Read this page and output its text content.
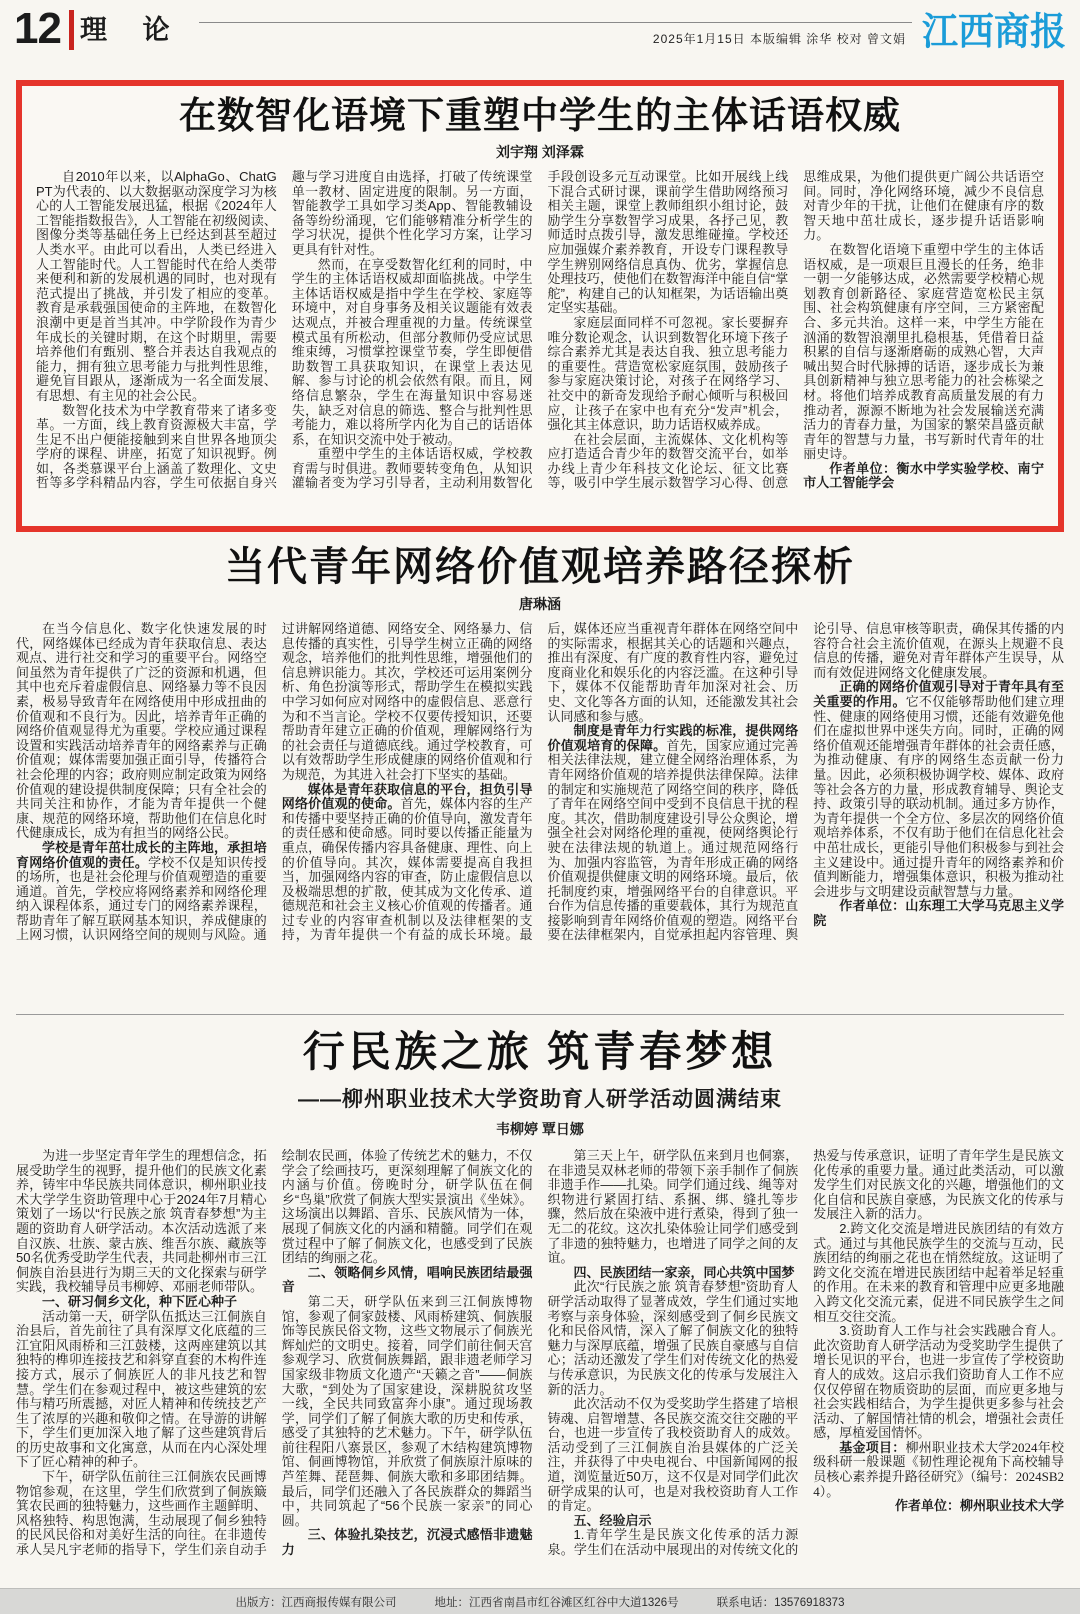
12 理 论	2025年1月15日 本版编辑 涂华 校对 曾文娟 江西商报
在数智化语境下重塑中学生的主体话语权威
刘宇翔 刘泽霖

自2010年以来，以AlphaGo、ChatGPT为代表的、以大数据驱动深度学习为核心的人工智能发展迅猛，根据《2024年人工智能指数报告》，人工智能在初级阅读、图像分类等基础任务上已经达到甚至超过人类水平。由此可以看出，人类已经进入人工智能时代。人工智能时代在给人类带来便利和新的发展机遇的同时，也对现有范式提出了挑战，并引发了相应的变革。教育是承载强国使命的主阵地，在数智化浪潮中更是首当其冲。中学阶段作为青少年成长的关键时期，在这个时期里，需要培养他们有甄别、整合并表达自我观点的能力，拥有独立思考能力与批判性思维，避免盲目跟从，逐渐成为一名全面发展、有思想、有主见的社会公民。

数智化技术为中学教育带来了诸多变革。一方面，线上教育资源极大丰富，学生足不出户便能接触到来自世界各地顶尖学府的课程、讲座，拓宽了知识视野。例如，各类慕课平台上涵盖了数理化、文史哲等多学科精品内容，学生可依据自身兴趣与学习进度自由选择，打破了传统课堂单一教材、固定进度的限制。另一方面，智能教学工具如学习类App、智能教辅设备等纷纷涌现，它们能够精准分析学生的学习状况，提供个性化学习方案，让学习更具有针对性。

然而，在享受数智化红利的同时，中学生的主体话语权威却面临挑战。中学生主体话语权威是指中学生在学校、家庭等环境中，对自身事务及相关议题能有效表达观点，并被合理重视的力量。传统课堂模式虽有所松动，但部分教师仍受应试思维束缚，习惯掌控课堂节奏，学生即便借助数智工具获取知识，在课堂上表达见解、参与讨论的机会依然有限。而且，网络信息繁杂，学生在海量知识中容易迷失，缺乏对信息的筛选、整合与批判性思考能力，难以将所学内化为自己的话语体系，在知识交流中处于被动。

重塑中学生的主体话语权威，学校教育需与时俱进。教师要转变角色，从知识灌输者变为学习引导者，主动利用数智化手段创设多元互动课堂。比如开展线上线下混合式研讨课，课前学生借助网络预习相关主题，课堂上教师组织小组讨论，鼓励学生分享数智学习成果，各抒己见，教师适时点拨引导，激发思维碰撞。学校还应加强媒介素养教育，开设专门课程教导学生辨别网络信息真伪、优劣，掌握信息处理技巧，使他们在数智海洋中能自信“掌舵”，构建自己的认知框架，为话语输出奠定坚实基础。

家庭层面同样不可忽视。家长要摒弃唯分数论观念，认识到数智化环境下孩子综合素养尤其是表达自我、独立思考能力的重要性。营造宽松家庭氛围，鼓励孩子参与家庭决策讨论，对孩子在网络学习、社交中的新奇发现给予耐心倾听与积极回应，让孩子在家中也有充分“发声”机会，强化其主体意识，助力话语权威养成。

在社会层面，主流媒体、文化机构等应打造适合青少年的数智交流平台，如举办线上青少年科技文化论坛、征文比赛等，吸引中学生展示数智学习心得、创意思维成果，为他们提供更广阔公共话语空间。同时，净化网络环境，减少不良信息对青少年的干扰，让他们在健康有序的数智天地中茁壮成长，逐步提升话语影响力。

在数智化语境下重塑中学生的主体话语权威，是一项艰巨且漫长的任务，绝非一朝一夕能够达成，必然需要学校精心规划教育创新路径、家庭营造宽松民主氛围、社会构筑健康有序空间，三方紧密配合、多元共治。这样一来，中学生方能在汹涌的数智浪潮里扎稳根基，凭借着日益积累的自信与逐渐磨砺的成熟心智，大声喊出契合时代脉搏的话语，逐步成长为兼具创新精神与独立思考能力的社会栋梁之材。将他们培养成教育高质量发展的有力推动者，源源不断地为社会发展输送充满活力的青春力量，为国家的繁荣昌盛贡献青年的智慧与力量，书写新时代青年的壮丽史诗。

作者单位：衡水中学实验学校、南宁市人工智能学会

当代青年网络价值观培养路径探析
唐琳涵

在当今信息化、数字化快速发展的时代，网络媒体已经成为青年获取信息、表达观点、进行社交和学习的重要平台。网络空间虽然为青年提供了广泛的资源和机遇，但其中也充斥着虚假信息、网络暴力等不良因素，极易导致青年在网络使用中形成扭曲的价值观和不良行为。因此，培养青年正确的网络价值观显得尤为重要。学校应通过课程设置和实践活动培养青年的网络素养与正确价值观；媒体需要加强正面引导，传播符合社会伦理的内容；政府则应制定政策为网络价值观的建设提供制度保障；只有全社会的共同关注和协作，才能为青年提供一个健康、规范的网络环境，帮助他们在信息化时代健康成长，成为有担当的网络公民。

学校是青年茁壮成长的主阵地，承担培育网络价值观的责任。学校不仅是知识传授的场所，也是社会伦理与价值观塑造的重要通道。首先，学校应将网络素养和网络伦理纳入课程体系，通过专门的网络素养课程，帮助青年了解互联网基本知识，养成健康的上网习惯，认识网络空间的规则与风险。通过讲解网络道德、网络安全、网络暴力、信息传播的真实性，引导学生树立正确的网络观念，培养他们的批判性思维，增强他们的信息辨识能力。其次，学校还可运用案例分析、角色扮演等形式，帮助学生在模拟实践中学习如何应对网络中的虚假信息、恶意行为和不当言论。学校不仅要传授知识，还要帮助青年建立正确的价值观，理解网络行为的社会责任与道德底线。通过学校教育，可以有效帮助学生形成健康的网络价值观和行为规范，为其进入社会打下坚实的基础。

媒体是青年获取信息的平台，担负引导网络价值观的使命。首先，媒体内容的生产和传播中要坚持正确的价值导向，激发青年的责任感和使命感。同时要以传播正能量为重点，确保传播内容具备健康、理性、向上的价值导向。其次，媒体需要提高自我担当，加强网络内容的审查，防止虚假信息以及极端思想的扩散，使其成为文化传承、道德规范和社会主义核心价值观的传播者。通过专业的内容审查机制以及法律框架的支持，为青年提供一个有益的成长环境。最后，媒体还应当重视青年群体在网络空间中的实际需求，根据其关心的话题和兴趣点，推出有深度、有广度的教育性内容，避免过度商业化和娱乐化的内容泛滥。在这种引导下，媒体不仅能帮助青年加深对社会、历史、文化等各方面的认知，还能激发其社会认同感和参与感。

制度是青年力行实践的标准，提供网络价值观培育的保障。首先，国家应通过完善相关法律法规，建立健全网络治理体系，为青年网络价值观的培养提供法律保障。法律的制定和实施规范了网络空间的秩序，降低了青年在网络空间中受到不良信息干扰的程度。其次，借助制度建设引导公众舆论，增强全社会对网络伦理的重视，使网络舆论行驶在法律法规的轨道上。通过规范网络行为、加强内容监管，为青年形成正确的网络价值观提供健康文明的网络环境。最后，依托制度约束，增强网络平台的自律意识。平台作为信息传播的重要载体，其行为规范直接影响到青年网络价值观的塑造。网络平台要在法律框架内，自觉承担起内容管理、舆论引导、信息审核等职责，确保其传播的内容符合社会主流价值观，在源头上规避不良信息的传播，避免对青年群体产生误导，从而有效促进网络文化健康发展。

正确的网络价值观引导对于青年具有至关重要的作用。它不仅能够帮助他们建立理性、健康的网络使用习惯，还能有效避免他们在虚拟世界中迷失方向。同时，正确的网络价值观还能增强青年群体的社会责任感，为推动健康、有序的网络生态贡献一份力量。因此，必须积极协调学校、媒体、政府等社会各方的力量，形成教育辅导、舆论支持、政策引导的联动机制。通过多方协作，为青年提供一个全方位、多层次的网络价值观培养体系，不仅有助于他们在信息化社会中茁壮成长，更能引导他们积极参与到社会主义建设中。通过提升青年的网络素养和价值判断能力，增强集体意识，积极为推动社会进步与文明建设贡献智慧与力量。

作者单位：山东理工大学马克思主义学院

行民族之旅 筑青春梦想
——柳州职业技术大学资助育人研学活动圆满结束
韦柳婷 覃日娜

为进一步坚定青年学生的理想信念，拓展受助学生的视野，提升他们的民族文化素养，铸牢中华民族共同体意识，柳州职业技术大学学生资助管理中心于2024年7月精心策划了一场以“行民族之旅 筑青春梦想”为主题的资助育人研学活动。本次活动选派了来自汉族、壮族、蒙古族、维吾尔族、藏族等50名优秀受助学生代表，共同赴柳州市三江侗族自治县进行为期三天的文化探索与研学实践，我校辅导员韦柳婷、邓丽老师带队。

一、研习侗乡文化，种下匠心种子

活动第一天，研学队伍抵达三江侗族自治县后，首先前往了具有深厚文化底蕴的三江宜阳风雨桥和三江鼓楼，这两座建筑以其独特的榫卯连接技艺和斜穿直套的木构件连接方式，展示了侗族匠人的非凡技艺和智慧。学生们在参观过程中，被这些建筑的宏伟与精巧所震撼，对匠人精神和传统技艺产生了浓厚的兴趣和敬仰之情。在导游的讲解下，学生们更加深入地了解了这些建筑背后的历史故事和文化寓意，从而在内心深处埋下了匠心精神的种子。

下午，研学队伍前往三江侗族农民画博物馆参观，在这里，学生们欣赏到了侗族簸箕农民画的独特魅力，这些画作主题鲜明、风格独特、构思饱满，生动展现了侗乡独特的民风民俗和对美好生活的向往。在非遗传承人吴凡宇老师的指导下，学生们亲自动手绘制农民画，体验了传统艺术的魅力，不仅学会了绘画技巧，更深刻理解了侗族文化的内涵与价值。傍晚时分，研学队伍在侗乡“鸟巢”欣赏了侗族大型实景演出《坐妹》。这场演出以舞蹈、音乐、民族风情为一体，展现了侗族文化的内涵和精髓。同学们在观赏过程中了解了侗族文化，也感受到了民族团结的绚丽之花。

二、领略侗乡风情，唱响民族团结最强音

第二天，研学队伍来到三江侗族博物馆，参观了侗家鼓楼、风雨桥建筑、侗族服饰等民族民俗文物，这些文物展示了侗族光辉灿烂的文明史。接着，同学们前往侗天宫参观学习、欣赏侗族舞蹈，跟非遗老师学习国家级非物质文化遗产“天籁之音”——侗族大歌，“到处为了国家建设，深耕脱贫攻坚一线，全民共同致富奔小康”。通过现场教学，同学们了解了侗族大歌的历史和传承，感受了其独特的艺术魅力。下午，研学队伍前往程阳八寨景区，参观了木结构建筑博物馆、侗画博物馆，并欣赏了侗族原汁原味的芦笙舞、琵琶舞、侗族大歌和多耶团结舞。最后，同学们还融入了各民族群众的舞蹈当中，共同筑起了“56个民族一家亲”的同心圆。

三、体验扎染技艺，沉浸式感悟非遗魅力

第三天上午，研学队伍来到月也侗寨，在非遗吴双林老师的带领下亲手制作了侗族非遗手作——扎染。同学们通过线、绳等对织物进行紧固打结、系捆、绑、缝扎等步骤，然后放在染液中进行煮染，得到了独一无二的花纹。这次扎染体验让同学们感受到了非遗的独特魅力，也增进了同学之间的友谊。

四、民族团结一家亲，同心共筑中国梦

此次“行民族之旅 筑青春梦想”资助育人研学活动取得了显著成效，学生们通过实地考察与亲身体验，深刻感受到了侗乡民族文化和民俗风情，深入了解了侗族文化的独特魅力与深厚底蕴，增强了民族自豪感与自信心；活动还激发了学生们对传统文化的热爱与传承意识，为民族文化的传承与发展注入新的活力。

此次活动不仅为受奖助学生搭建了培根铸魂、启智增慧、各民族交流交往交融的平台，也进一步宣传了我校资助育人的成效。活动受到了三江侗族自治县媒体的广泛关注，并获得了中央电视台、中国新闻网的报道，浏览量近50万，这不仅是对同学们此次研学成果的认可，也是对我校资助育人工作的肯定。

五、经验启示

1.青年学生是民族文化传承的活力源泉。学生们在活动中展现出的对传统文化的热爱与传承意识，证明了青年学生是民族文化传承的重要力量。通过此类活动，可以激发学生们对民族文化的兴趣，增强他们的文化自信和民族自豪感，为民族文化的传承与发展注入新的活力。

2.跨文化交流是增进民族团结的有效方式。通过与其他民族学生的交流与互动，民族团结的绚丽之花也在悄然绽放。这证明了跨文化交流在增进民族团结中起着举足轻重的作用。在未来的教育和管理中应更多地融入跨文化交流元素，促进不同民族学生之间相互交往交流。

3.资助育人工作与社会实践融合育人。此次资助育人研学活动为受奖助学生提供了增长见识的平台，也进一步宣传了学校资助育人的成效。这启示我们资助育人工作不应仅仅停留在物质资助的层面，而应更多地与社会实践相结合，为学生提供更多参与社会活动、了解国情社情的机会，增强社会责任感，厚植爱国情怀。

基金项目：柳州职业技术大学2024年校级科研一般课题《韧性理论视角下高校辅导员核心素养提升路径研究》（编号：2024SB24）。

作者单位：柳州职业技术大学

出版方：江西商报传媒有限公司	地址：江西省南昌市红谷滩区红谷中大道1326号	联系电话：13576918373
